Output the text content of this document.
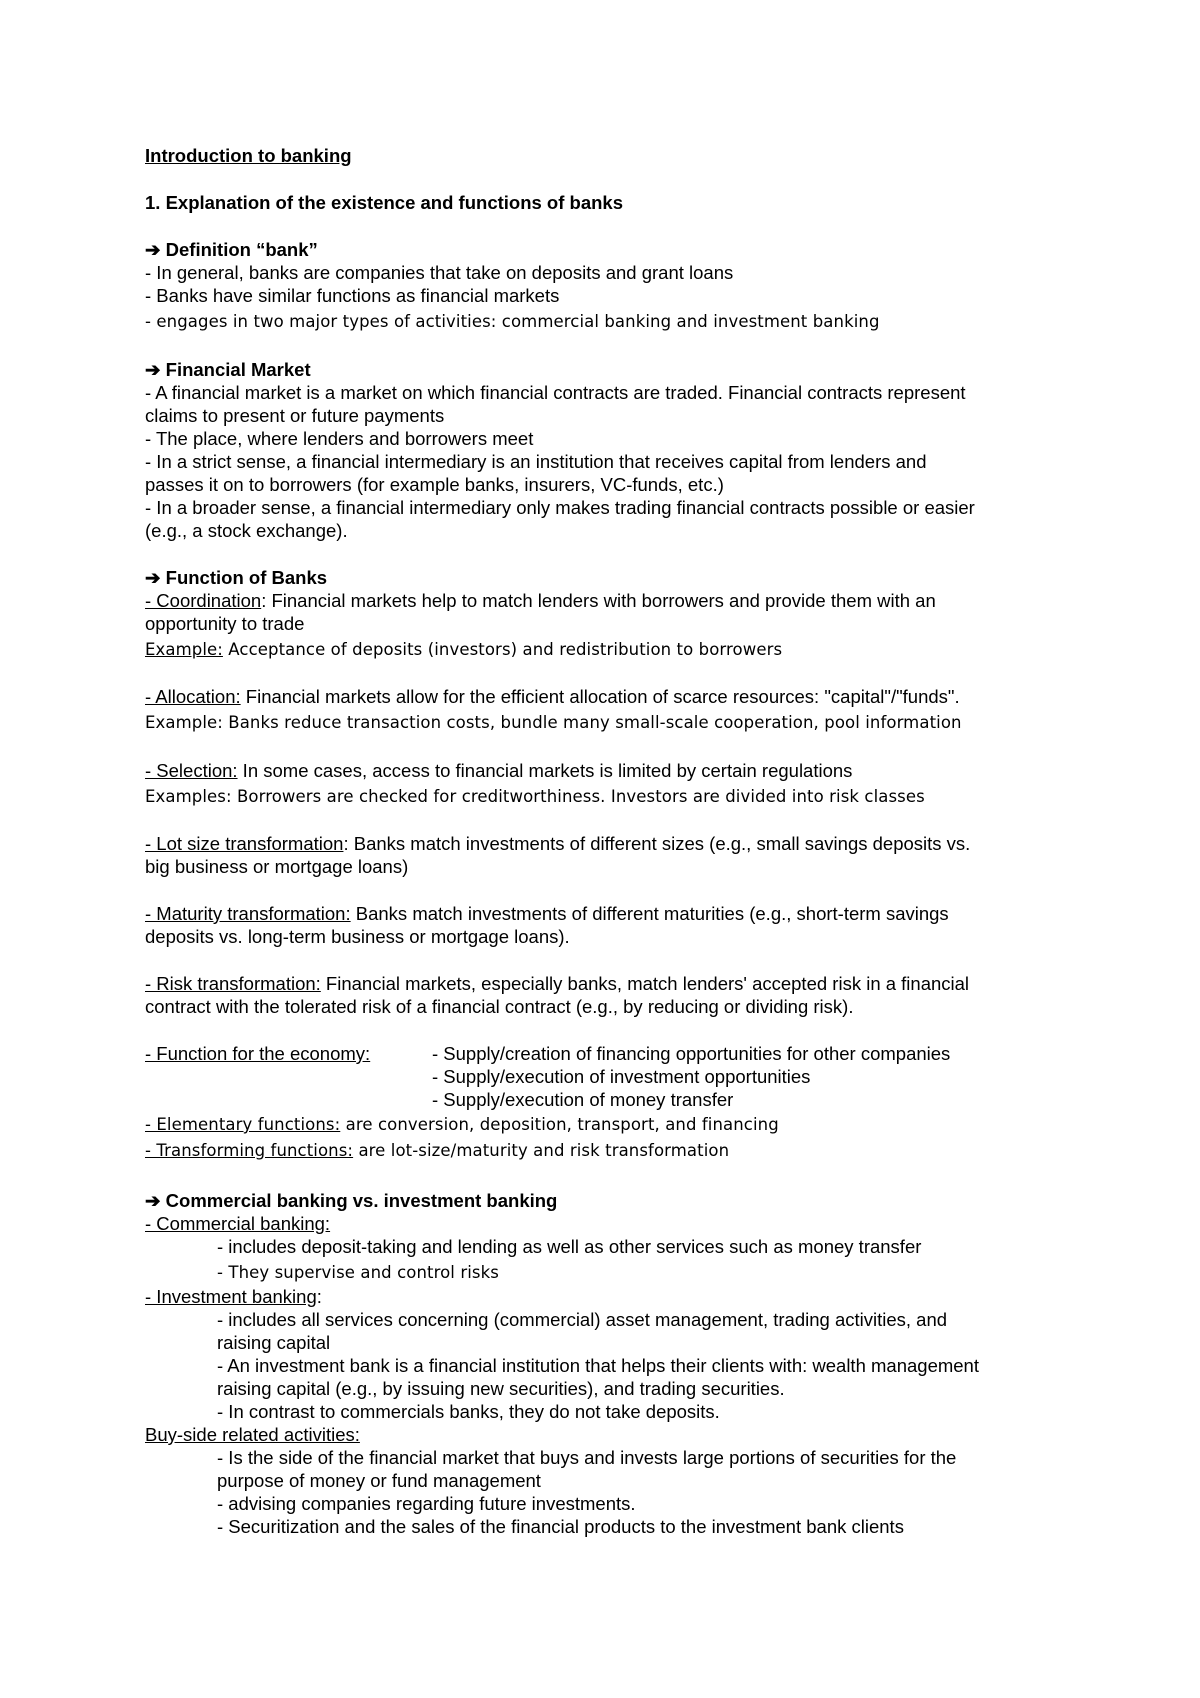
Introduction to banking
1. Explanation of the existence and functions of banks
➔ Definition “bank”
- In general, banks are companies that take on deposits and grant loans
- Banks have similar functions as financial markets
- engages in two major types of activities: commercial banking and investment banking
➔ Financial Market
- A financial market is a market on which financial contracts are traded. Financial contracts represent
claims to present or future payments
- The place, where lenders and borrowers meet
- In a strict sense, a financial intermediary is an institution that receives capital from lenders and
passes it on to borrowers (for example banks, insurers, VC-funds, etc.)
- In a broader sense, a financial intermediary only makes trading financial contracts possible or easier
(e.g., a stock exchange).
➔ Function of Banks
- Coordination: Financial markets help to match lenders with borrowers and provide them with an
opportunity to trade
Example: Acceptance of deposits (investors) and redistribution to borrowers
- Allocation: Financial markets allow for the efficient allocation of scarce resources: "capital"/"funds".
Example: Banks reduce transaction costs, bundle many small-scale cooperation, pool information
- Selection: In some cases, access to financial markets is limited by certain regulations
Examples: Borrowers are checked for creditworthiness. Investors are divided into risk classes
- Lot size transformation: Banks match investments of different sizes (e.g., small savings deposits vs.
big business or mortgage loans)
- Maturity transformation: Banks match investments of different maturities (e.g., short-term savings
deposits vs. long-term business or mortgage loans).
- Risk transformation: Financial markets, especially banks, match lenders' accepted risk in a financial
contract with the tolerated risk of a financial contract (e.g., by reducing or dividing risk).
- Function for the economy:	- Supply/creation of financing opportunities for other companies
- Supply/execution of investment opportunities
- Supply/execution of money transfer
- Elementary functions: are conversion, deposition, transport, and financing
- Transforming functions: are lot-size/maturity and risk transformation
➔ Commercial banking vs. investment banking
- Commercial banking:
- includes deposit-taking and lending as well as other services such as money transfer
- They supervise and control risks
- Investment banking:
- includes all services concerning (commercial) asset management, trading activities, and
raising capital
- An investment bank is a financial institution that helps their clients with: wealth management
raising capital (e.g., by issuing new securities), and trading securities.
- In contrast to commercials banks, they do not take deposits.
Buy-side related activities:
- Is the side of the financial market that buys and invests large portions of securities for the
purpose of money or fund management
- advising companies regarding future investments.
- Securitization and the sales of the financial products to the investment bank clients
